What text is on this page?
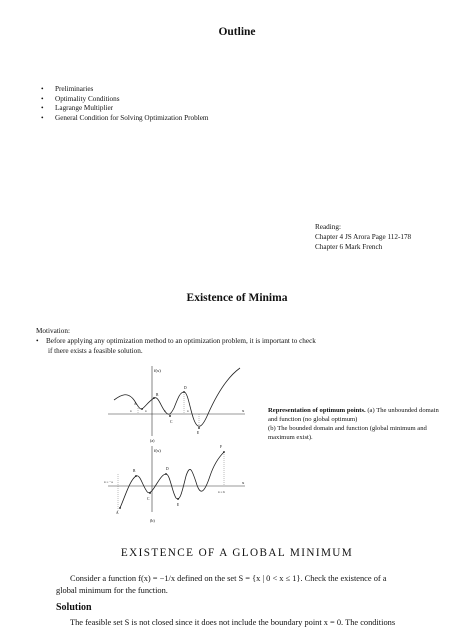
Outline
• Preliminaries
• Optimality Conditions
• Lagrange Multiplier
• General Condition for Solving Optimization Problem
Reading:
Chapter 4 JS Arora Page 112-178
Chapter 6 Mark French
Existence of Minima
Motivation:
• Before applying any optimization method to an optimization problem, it is important to check
if there exists a feasible solution.
f(x)
x
A
B
C
D
E
x	x	x	x
(a)
f(x)
x
A
B
C
D
E
F
x = −a
x = b
(b)
Representation of optimum points. (a) The unbounded domain and function (no global optimum)
(b) The bounded domain and function (global minimum and maximum exist).
EXISTENCE OF A GLOBAL MINIMUM
Consider a function f(x) = −1/x defined on the set S = {x | 0 < x ≤ 1}. Check the existence of a
global minimum for the function.
Solution
The feasible set S is not closed since it does not include the boundary point x = 0. The conditions
